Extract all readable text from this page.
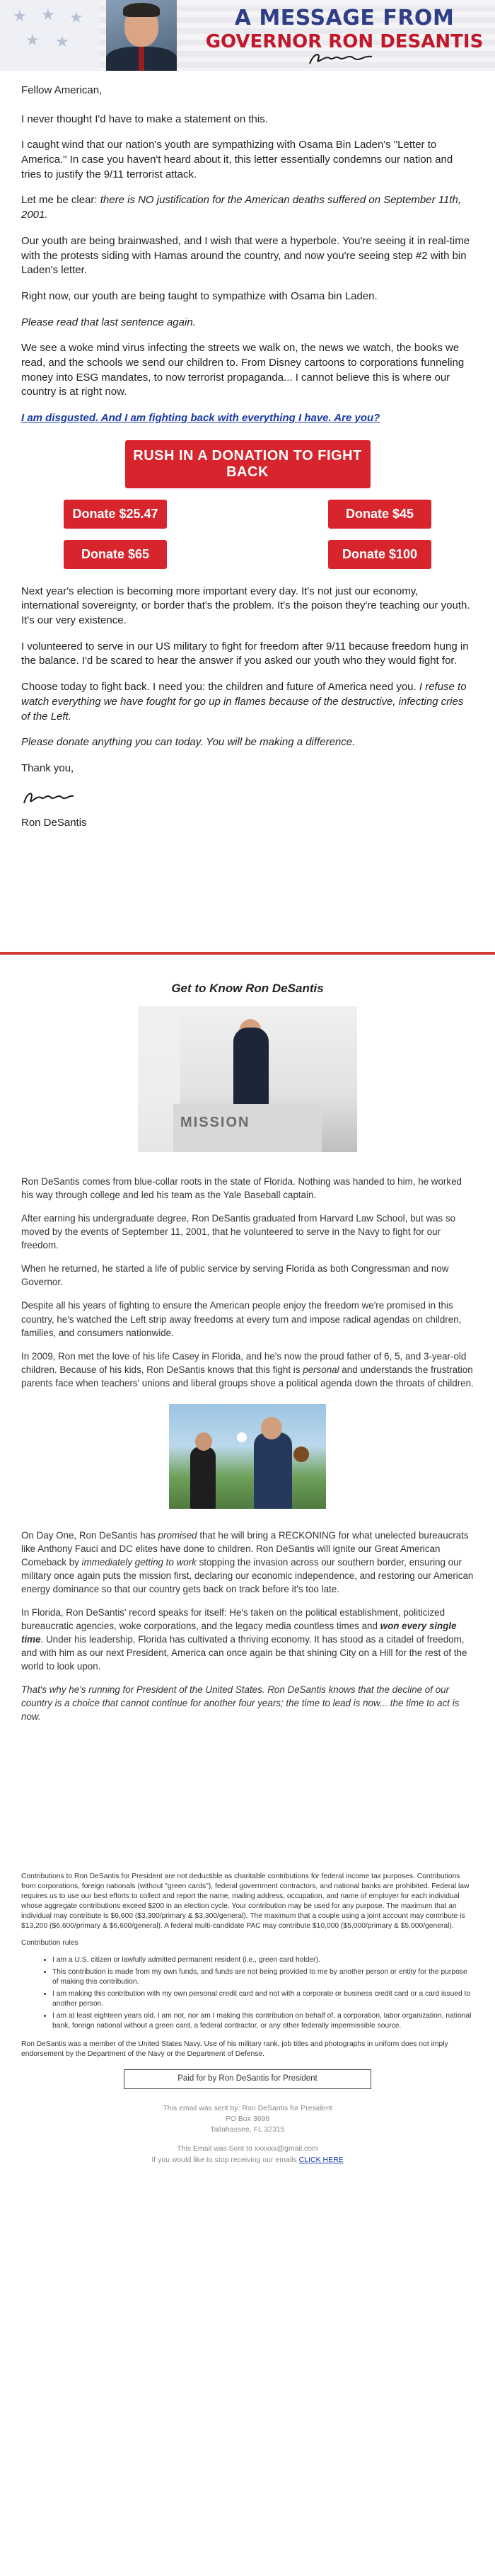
★ ★ ★
★ ★
A MESSAGE FROM
GOVERNOR RON DESANTIS

Fellow American,

I never thought I'd have to make a statement on this.

I caught wind that our nation's youth are sympathizing with Osama Bin Laden's "Letter to America." In case you haven't heard about it, this letter essentially condemns our nation and tries to justify the 9/11 terrorist attack.

Let me be clear: there is NO justification for the American deaths suffered on September 11th, 2001.

Our youth are being brainwashed, and I wish that were a hyperbole. You're seeing it in real-time with the protests siding with Hamas around the country, and now you're seeing step #2 with bin Laden's letter.

Right now, our youth are being taught to sympathize with Osama bin Laden.

Please read that last sentence again.

We see a woke mind virus infecting the streets we walk on, the news we watch, the books we read, and the schools we send our children to. From Disney cartoons to corporations funneling money into ESG mandates, to now terrorist propaganda... I cannot believe this is where our country is at right now.

I am disgusted. And I am fighting back with everything I have. Are you?

RUSH IN A DONATION TO FIGHT BACK
Donate $25.47	Donate $45
Donate $65	Donate $100

Next year's election is becoming more important every day. It's not just our economy, international sovereignty, or border that's the problem. It's the poison they're teaching our youth. It's our very existence.

I volunteered to serve in our US military to fight for freedom after 9/11 because freedom hung in the balance. I'd be scared to hear the answer if you asked our youth who they would fight for.

Choose today to fight back. I need you: the children and future of America need you. I refuse to watch everything we have fought for go up in flames because of the destructive, infecting cries of the Left.

Please donate anything you can today. You will be making a difference.

Thank you,

Ron DeSantis

Get to Know Ron DeSantis
MISSION

Ron DeSantis comes from blue-collar roots in the state of Florida. Nothing was handed to him, he worked his way through college and led his team as the Yale Baseball captain.

After earning his undergraduate degree, Ron DeSantis graduated from Harvard Law School, but was so moved by the events of September 11, 2001, that he volunteered to serve in the Navy to fight for our freedom.

When he returned, he started a life of public service by serving Florida as both Congressman and now Governor.

Despite all his years of fighting to ensure the American people enjoy the freedom we're promised in this country, he's watched the Left strip away freedoms at every turn and impose radical agendas on children, families, and consumers nationwide.

In 2009, Ron met the love of his life Casey in Florida, and he's now the proud father of 6, 5, and 3-year-old children. Because of his kids, Ron DeSantis knows that this fight is personal and understands the frustration parents face when teachers' unions and liberal groups shove a political agenda down the throats of children.

On Day One, Ron DeSantis has promised that he will bring a RECKONING for what unelected bureaucrats like Anthony Fauci and DC elites have done to children. Ron DeSantis will ignite our Great American Comeback by immediately getting to work stopping the invasion across our southern border, ensuring our military once again puts the mission first, declaring our economic independence, and restoring our American energy dominance so that our country gets back on track before it's too late.

In Florida, Ron DeSantis' record speaks for itself: He's taken on the political establishment, politicized bureaucratic agencies, woke corporations, and the legacy media countless times and won every single time. Under his leadership, Florida has cultivated a thriving economy. It has stood as a citadel of freedom, and with him as our next President, America can once again be that shining City on a Hill for the rest of the world to look upon.

That's why he's running for President of the United States. Ron DeSantis knows that the decline of our country is a choice that cannot continue for another four years; the time to lead is now... the time to act is now.

Contributions to Ron DeSantis for President are not deductible as charitable contributions for federal income tax purposes. Contributions from corporations, foreign nationals (without "green cards"), federal government contractors, and national banks are prohibited. Federal law requires us to use our best efforts to collect and report the name, mailing address, occupation, and name of employer for each individual whose aggregate contributions exceed $200 in an election cycle. Your contribution may be used for any purpose. The maximum that an individual may contribute is $6,600 ($3,300/primary & $3,300/general). The maximum that a couple using a joint account may contribute is $13,200 ($6,600/primary & $6,600/general). A federal multi-candidate PAC may contribute $10,000 ($5,000/primary & $5,000/general).

Contribution rules

• I am a U.S. citizen or lawfully admitted permanent resident (i.e., green card holder).
• This contribution is made from my own funds, and funds are not being provided to me by another person or entity for the purpose of making this contribution.
• I am making this contribution with my own personal credit card and not with a corporate or business credit card or a card issued to another person.
• I am at least eighteen years old. I am not, nor am I making this contribution on behalf of, a corporation, labor organization, national bank, foreign national without a green card, a federal contractor, or any other federally impermissible source.

Ron DeSantis was a member of the United States Navy. Use of his military rank, job titles and photographs in uniform does not imply endorsement by the Department of the Navy or the Department of Defense.

Paid for by Ron DeSantis for President
This email was sent by: Ron DeSantis for President
PO Box 3696
Tallahassee, FL 32315
This Email was Sent to xxxxxx@gmail.com
If you would like to stop receiving our emails CLICK HERE
